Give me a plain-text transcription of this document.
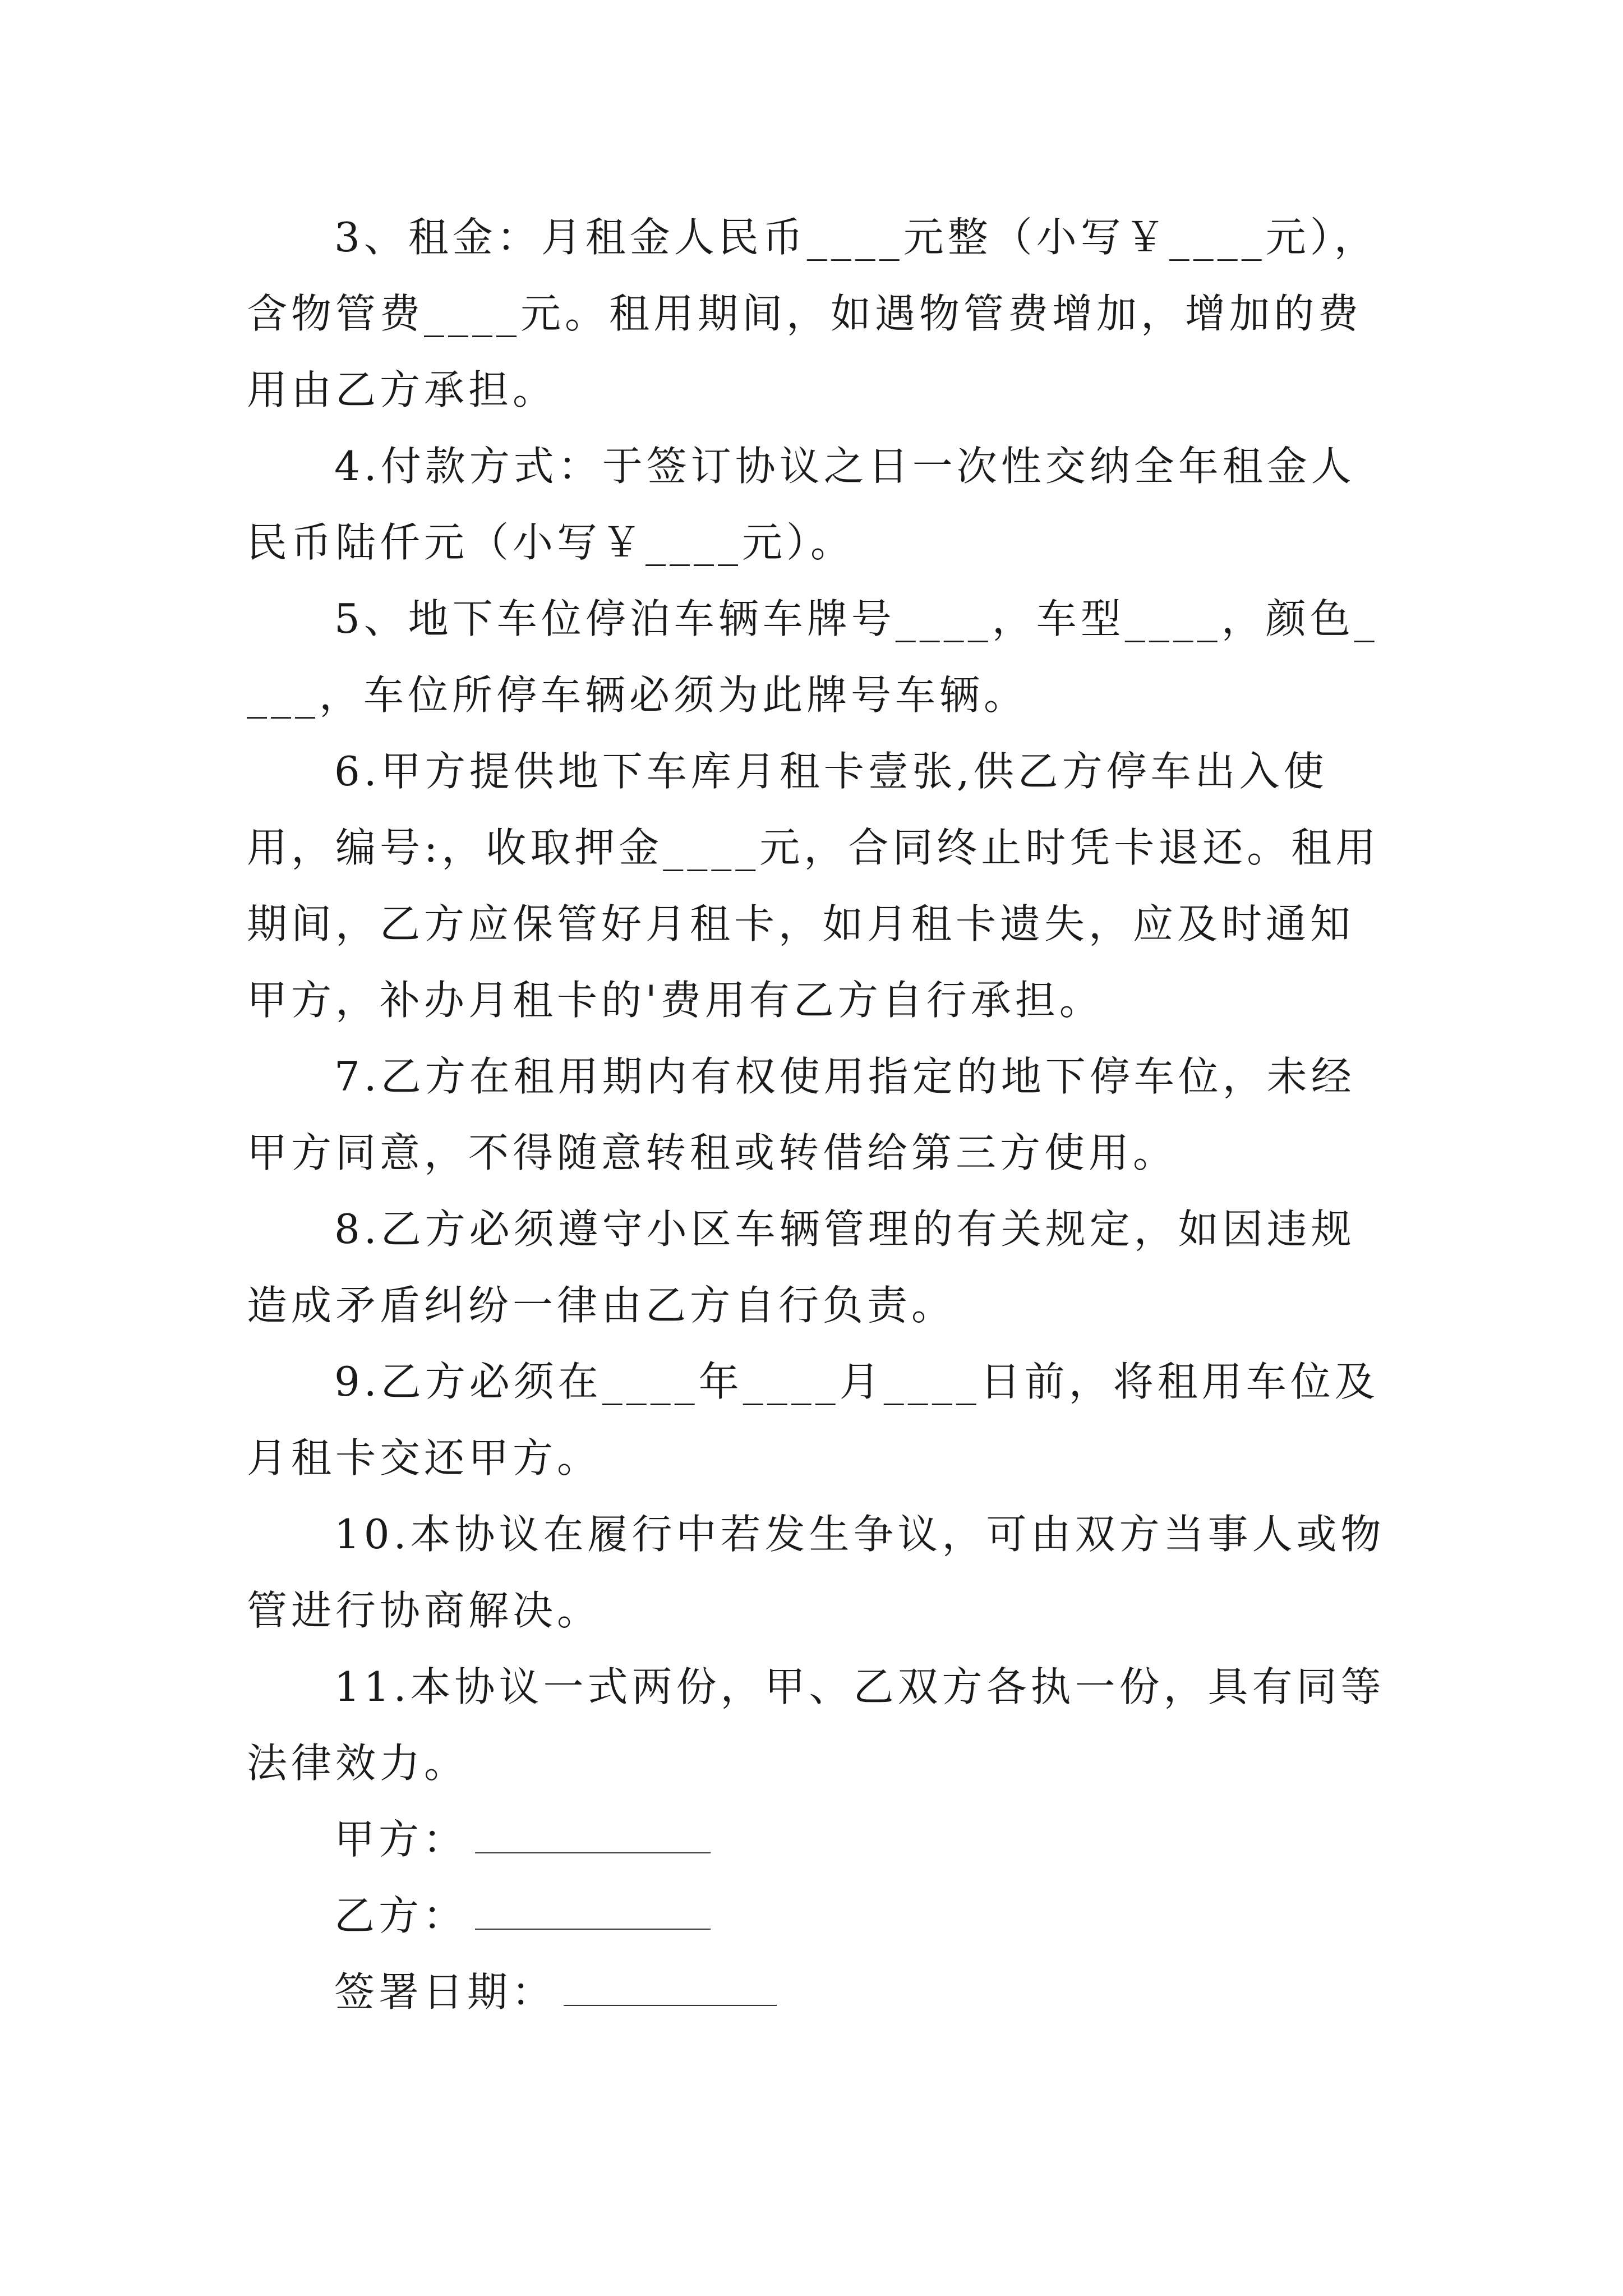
3、租金：月租金人民币____元整（小写￥____元），含物管费____元。租用期间，如遇物管费增加，增加的费用由乙方承担。

4.付款方式：于签订协议之日一次性交纳全年租金人民币陆仟元（小写￥____元）。

5、地下车位停泊车辆车牌号____，车型____，颜色____，车位所停车辆必须为此牌号车辆。

6.甲方提供地下车库月租卡壹张,供乙方停车出入使用，编号:，收取押金____元，合同终止时凭卡退还。租用期间，乙方应保管好月租卡，如月租卡遗失，应及时通知甲方，补办月租卡的'费用有乙方自行承担。

7.乙方在租用期内有权使用指定的地下停车位，未经甲方同意，不得随意转租或转借给第三方使用。

8.乙方必须遵守小区车辆管理的有关规定，如因违规造成矛盾纠纷一律由乙方自行负责。

9.乙方必须在____年____月____日前，将租用车位及月租卡交还甲方。

10.本协议在履行中若发生争议，可由双方当事人或物管进行协商解决。

11.本协议一式两份，甲、乙双方各执一份，具有同等法律效力。

甲方：
乙方：
签署日期：
